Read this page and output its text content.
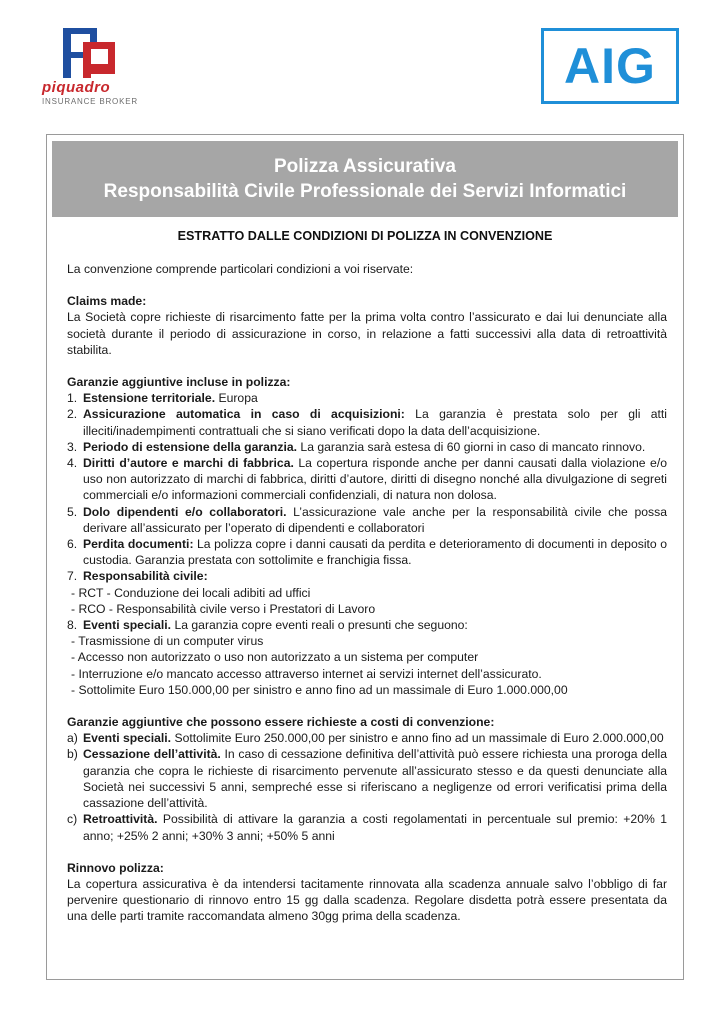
piquadro
INSURANCE BROKER
AIG
Polizza Assicurativa
Responsabilità Civile Professionale dei Servizi Informatici
ESTRATTO DALLE CONDIZIONI DI POLIZZA IN CONVENZIONE

La convenzione comprende particolari condizioni a voi riservate:

Claims made:

La Società copre richieste di risarcimento fatte per la prima volta contro l’assicurato e dai lui denunciate alla società durante il periodo di assicurazione in corso, in relazione a fatti successivi alla data di retroattività stabilita.

Garanzie aggiuntive incluse in polizza:

1. Estensione territoriale. Europa
2. Assicurazione automatica in caso di acquisizioni: La garanzia è prestata solo per gli atti illeciti/inadempimenti contrattuali che si siano verificati dopo la data dell’acquisizione.
3. Periodo di estensione della garanzia. La garanzia sarà estesa di 60 giorni in caso di mancato rinnovo.
4. Diritti d’autore e marchi di fabbrica. La copertura risponde anche per danni causati dalla violazione e/o uso non autorizzato di marchi di fabbrica, diritti d’autore, diritti di disegno nonché alla divulgazione di segreti commerciali e/o informazioni commerciali confidenziali, di natura non dolosa.
5. Dolo dipendenti e/o collaboratori. L’assicurazione vale anche per la responsabilità civile che possa derivare all’assicurato per l’operato di dipendenti e collaboratori
6. Perdita documenti: La polizza copre i danni causati da perdita e deterioramento di documenti in deposito o custodia. Garanzia prestata con sottolimite e franchigia fissa.
7. Responsabilità civile:

- RCT - Conduzione dei locali adibiti ad uffici

- RCO - Responsabilità civile verso i Prestatori di Lavoro

8. Eventi speciali. La garanzia copre eventi reali o presunti che seguono:

- Trasmissione di un computer virus

- Accesso non autorizzato o uso non autorizzato a un sistema per computer

- Interruzione e/o mancato accesso attraverso internet ai servizi internet dell’assicurato.

- Sottolimite Euro 150.000,00 per sinistro e anno fino ad un massimale di Euro 1.000.000,00

Garanzie aggiuntive che possono essere richieste a costi di convenzione:

a) Eventi speciali. Sottolimite Euro 250.000,00 per sinistro e anno fino ad un massimale di Euro 2.000.000,00
b) Cessazione dell’attività. In caso di cessazione definitiva dell’attività può essere richiesta una proroga della garanzia che copra le richieste di risarcimento pervenute all’assicurato stesso e da questi denunciate alla Società nei successivi 5 anni, sempreché esse si riferiscano a negligenze od errori verificatisi prima della cassazione dell’attività.
c) Retroattività. Possibilità di attivare la garanzia a costi regolamentati in percentuale sul premio: +20% 1 anno; +25% 2 anni; +30% 3 anni; +50% 5 anni

Rinnovo polizza:

La copertura assicurativa è da intendersi tacitamente rinnovata alla scadenza annuale salvo l’obbligo di far pervenire questionario di rinnovo entro 15 gg dalla scadenza. Regolare disdetta potrà essere presentata da una delle parti tramite raccomandata almeno 30gg prima della scadenza.
